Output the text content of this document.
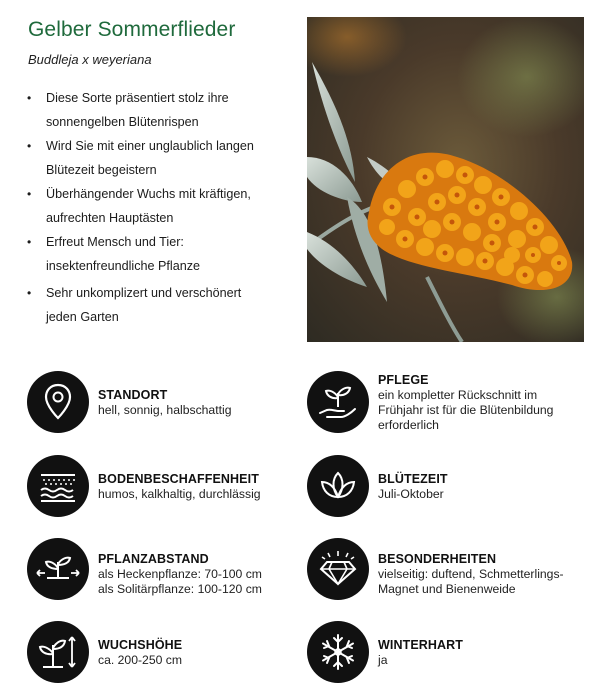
Gelber Sommerflieder

Buddleja x weyeriana

• Diese Sorte präsentiert stolz ihre
sonnengelben Blütenrispen
• Wird Sie mit einer unglaublich langen
Blütezeit begeistern
• Überhängender Wuchs mit kräftigen,
aufrechten Hauptästen
• Erfreut Mensch und Tier:
insektenfreundliche Pflanze
• Sehr unkomplizert und verschönert
jeden Garten
STANDORT
hell, sonnig, halbschattig
PFLEGE
ein kompletter Rückschnitt im
Frühjahr ist für die Blütenbildung
erforderlich
BODENBESCHAFFENHEIT
humos, kalkhaltig, durchlässig
BLÜTEZEIT
Juli-Oktober
PFLANZABSTAND
als Heckenpflanze: 70-100 cm
als Solitärpflanze: 100-120 cm
BESONDERHEITEN
vielseitig: duftend, Schmetterlings-
Magnet und Bienenweide
WUCHSHÖHE
ca. 200-250 cm
WINTERHART
ja
